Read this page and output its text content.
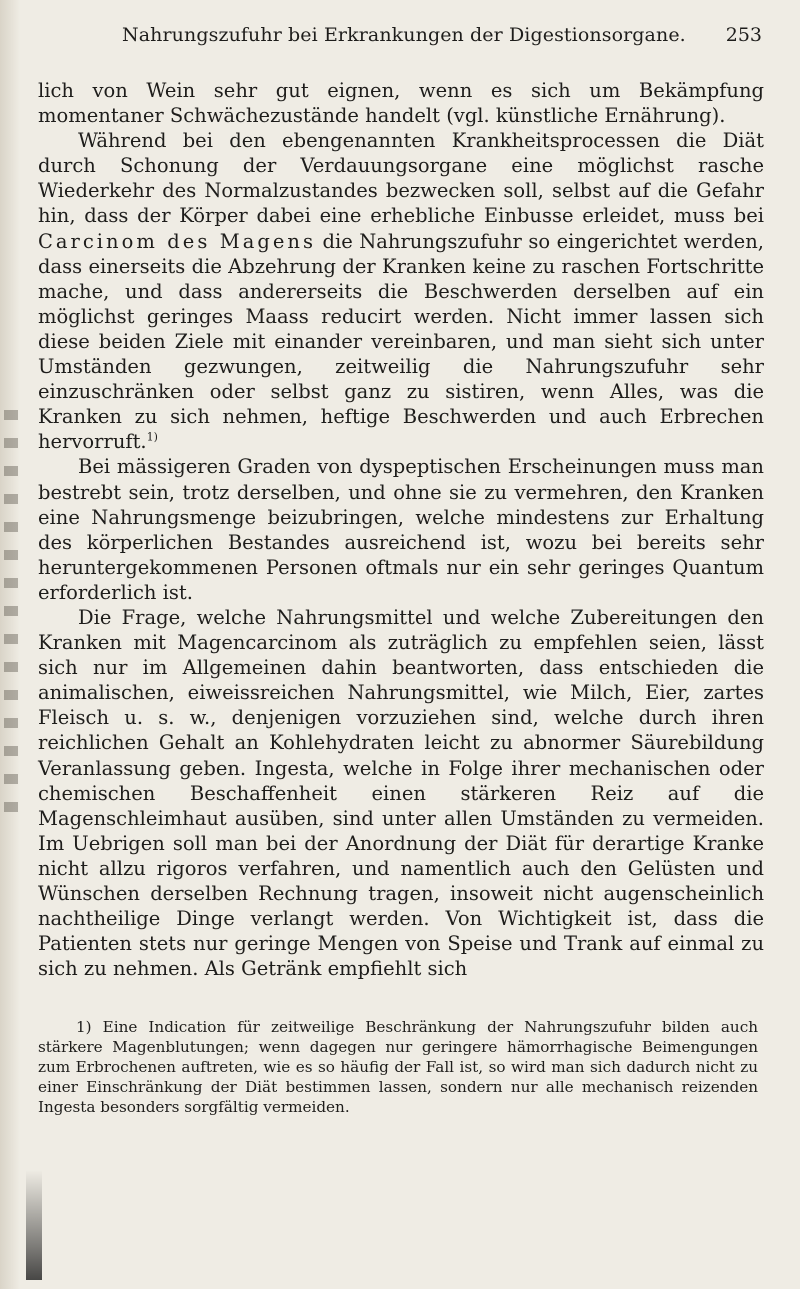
Nahrungszufuhr bei Erkrankungen der Digestionsorgane. 253

lich von Wein sehr gut eignen, wenn es sich um Bekämpfung momentaner Schwächezustände handelt (vgl. künstliche Ernährung).

Während bei den ebengenannten Krankheitsprocessen die Diät durch Schonung der Verdauungsorgane eine möglichst rasche Wiederkehr des Normalzustandes bezwecken soll, selbst auf die Gefahr hin, dass der Körper dabei eine erhebliche Einbusse erleidet, muss bei Carcinom des Magens die Nahrungszufuhr so eingerichtet werden, dass einerseits die Abzehrung der Kranken keine zu raschen Fortschritte mache, und dass andererseits die Beschwerden derselben auf ein möglichst geringes Maass reducirt werden. Nicht immer lassen sich diese beiden Ziele mit einander vereinbaren, und man sieht sich unter Umständen gezwungen, zeitweilig die Nahrungszufuhr sehr einzuschränken oder selbst ganz zu sistiren, wenn Alles, was die Kranken zu sich nehmen, heftige Beschwerden und auch Erbrechen hervorruft.$^{1)}$

Bei mässigeren Graden von dyspeptischen Erscheinungen muss man bestrebt sein, trotz derselben, und ohne sie zu vermehren, den Kranken eine Nahrungsmenge beizubringen, welche mindestens zur Erhaltung des körperlichen Bestandes ausreichend ist, wozu bei bereits sehr heruntergekommenen Personen oftmals nur ein sehr geringes Quantum erforderlich ist.

Die Frage, welche Nahrungsmittel und welche Zubereitungen den Kranken mit Magencarcinom als zuträglich zu empfehlen seien, lässt sich nur im Allgemeinen dahin beantworten, dass entschieden die animalischen, eiweissreichen Nahrungsmittel, wie Milch, Eier, zartes Fleisch u. s. w., denjenigen vorzuziehen sind, welche durch ihren reichlichen Gehalt an Kohlehydraten leicht zu abnormer Säurebildung Veranlassung geben. Ingesta, welche in Folge ihrer mechanischen oder chemischen Beschaffenheit einen stärkeren Reiz auf die Magenschleimhaut ausüben, sind unter allen Umständen zu vermeiden. Im Uebrigen soll man bei der Anordnung der Diät für derartige Kranke nicht allzu rigoros verfahren, und namentlich auch den Gelüsten und Wünschen derselben Rechnung tragen, insoweit nicht augenscheinlich nachtheilige Dinge verlangt werden. Von Wichtigkeit ist, dass die Patienten stets nur geringe Mengen von Speise und Trank auf einmal zu sich zu nehmen. Als Getränk empfiehlt sich

1) Eine Indication für zeitweilige Beschränkung der Nahrungszufuhr bilden auch stärkere Magenblutungen; wenn dagegen nur geringere hämorrhagische Beimengungen zum Erbrochenen auftreten, wie es so häufig der Fall ist, so wird man sich dadurch nicht zu einer Einschränkung der Diät bestimmen lassen, sondern nur alle mechanisch reizenden Ingesta besonders sorgfältig vermeiden.
